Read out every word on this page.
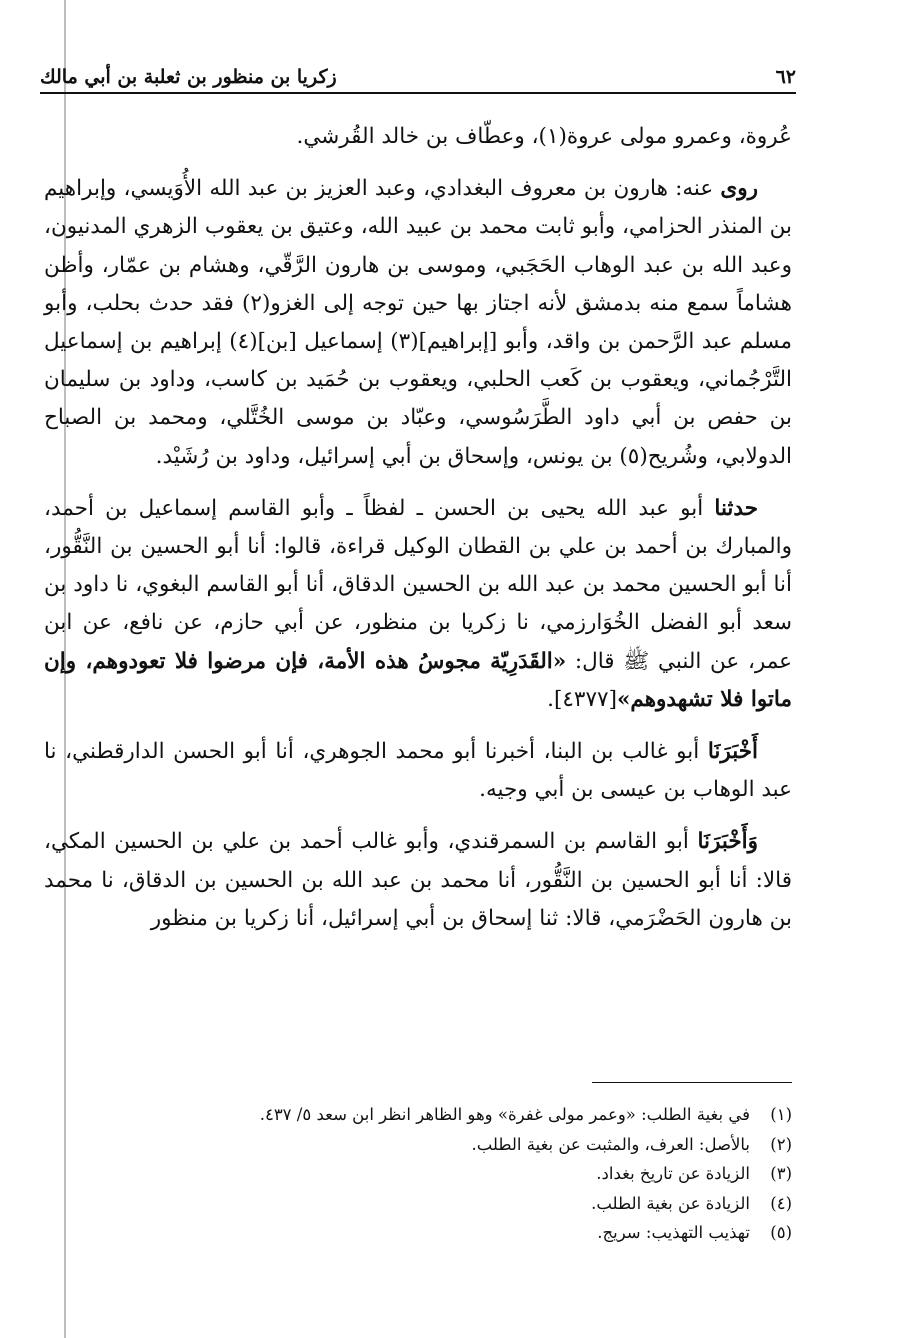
٦٢
زكريا بن منظور بن ثعلبة بن أبي مالك

عُروة، وعمرو مولى عروة(١)، وعطّاف بن خالد القُرشي.

روى عنه: هارون بن معروف البغدادي، وعبد العزيز بن عبد الله الأُوَيسي، وإبراهيم بن المنذر الحزامي، وأبو ثابت محمد بن عبيد الله، وعتيق بن يعقوب الزهري المدنيون، وعبد الله بن عبد الوهاب الحَجَبي، وموسى بن هارون الرَّقّي، وهشام بن عمّار، وأظن هشاماً سمع منه بدمشق لأنه اجتاز بها حين توجه إلى الغزو(٢) فقد حدث بحلب، وأبو مسلم عبد الرَّحمن بن واقد، وأبو [إبراهيم](٣) إسماعيل [بن](٤) إبراهيم بن إسماعيل التَّرْجُماني، ويعقوب بن كَعب الحلبي، ويعقوب بن حُمَيد بن كاسب، وداود بن سليمان بن حفص بن أبي داود الطَّرَسُوسي، وعبّاد بن موسى الخُتَّلي، ومحمد بن الصباح الدولابي، وشُريح(٥) بن يونس، وإسحاق بن أبي إسرائيل، وداود بن رُشَيْد.

حدثنا أبو عبد الله يحيى بن الحسن ـ لفظاً ـ وأبو القاسم إسماعيل بن أحمد، والمبارك بن أحمد بن علي بن القطان الوكيل قراءة، قالوا: أنا أبو الحسين بن النَّقُّور، أنا أبو الحسين محمد بن عبد الله بن الحسين الدقاق، أنا أبو القاسم البغوي، نا داود بن سعد أبو الفضل الخُوَارزمي، نا زكريا بن منظور، عن أبي حازم، عن نافع، عن ابن عمر، عن النبي ﷺ قال: «القَدَرِيّة مجوسُ هذه الأمة، فإن مرضوا فلا تعودوهم، وإن ماتوا فلا تشهدوهم»[٤٣٧٧].

أَخْبَرَنَا أبو غالب بن البنا، أخبرنا أبو محمد الجوهري، أنا أبو الحسن الدارقطني، نا عبد الوهاب بن عيسى بن أبي وجيه.

وَأَخْبَرَنَا أبو القاسم بن السمرقندي، وأبو غالب أحمد بن علي بن الحسين المكي، قالا: أنا أبو الحسين بن النَّقُّور، أنا محمد بن عبد الله بن الحسين بن الدقاق، نا محمد بن هارون الحَضْرَمي، قالا: ثنا إسحاق بن أبي إسرائيل، أنا زكريا بن منظور

(١)
في بغية الطلب: «وعمر مولى غفرة» وهو الظاهر انظر ابن سعد ٥/ ٤٣٧.
(٢)
بالأصل: العرف، والمثبت عن بغية الطلب.
(٣)
الزيادة عن تاريخ بغداد.
(٤)
الزيادة عن بغية الطلب.
(٥)
تهذيب التهذيب: سريج.
